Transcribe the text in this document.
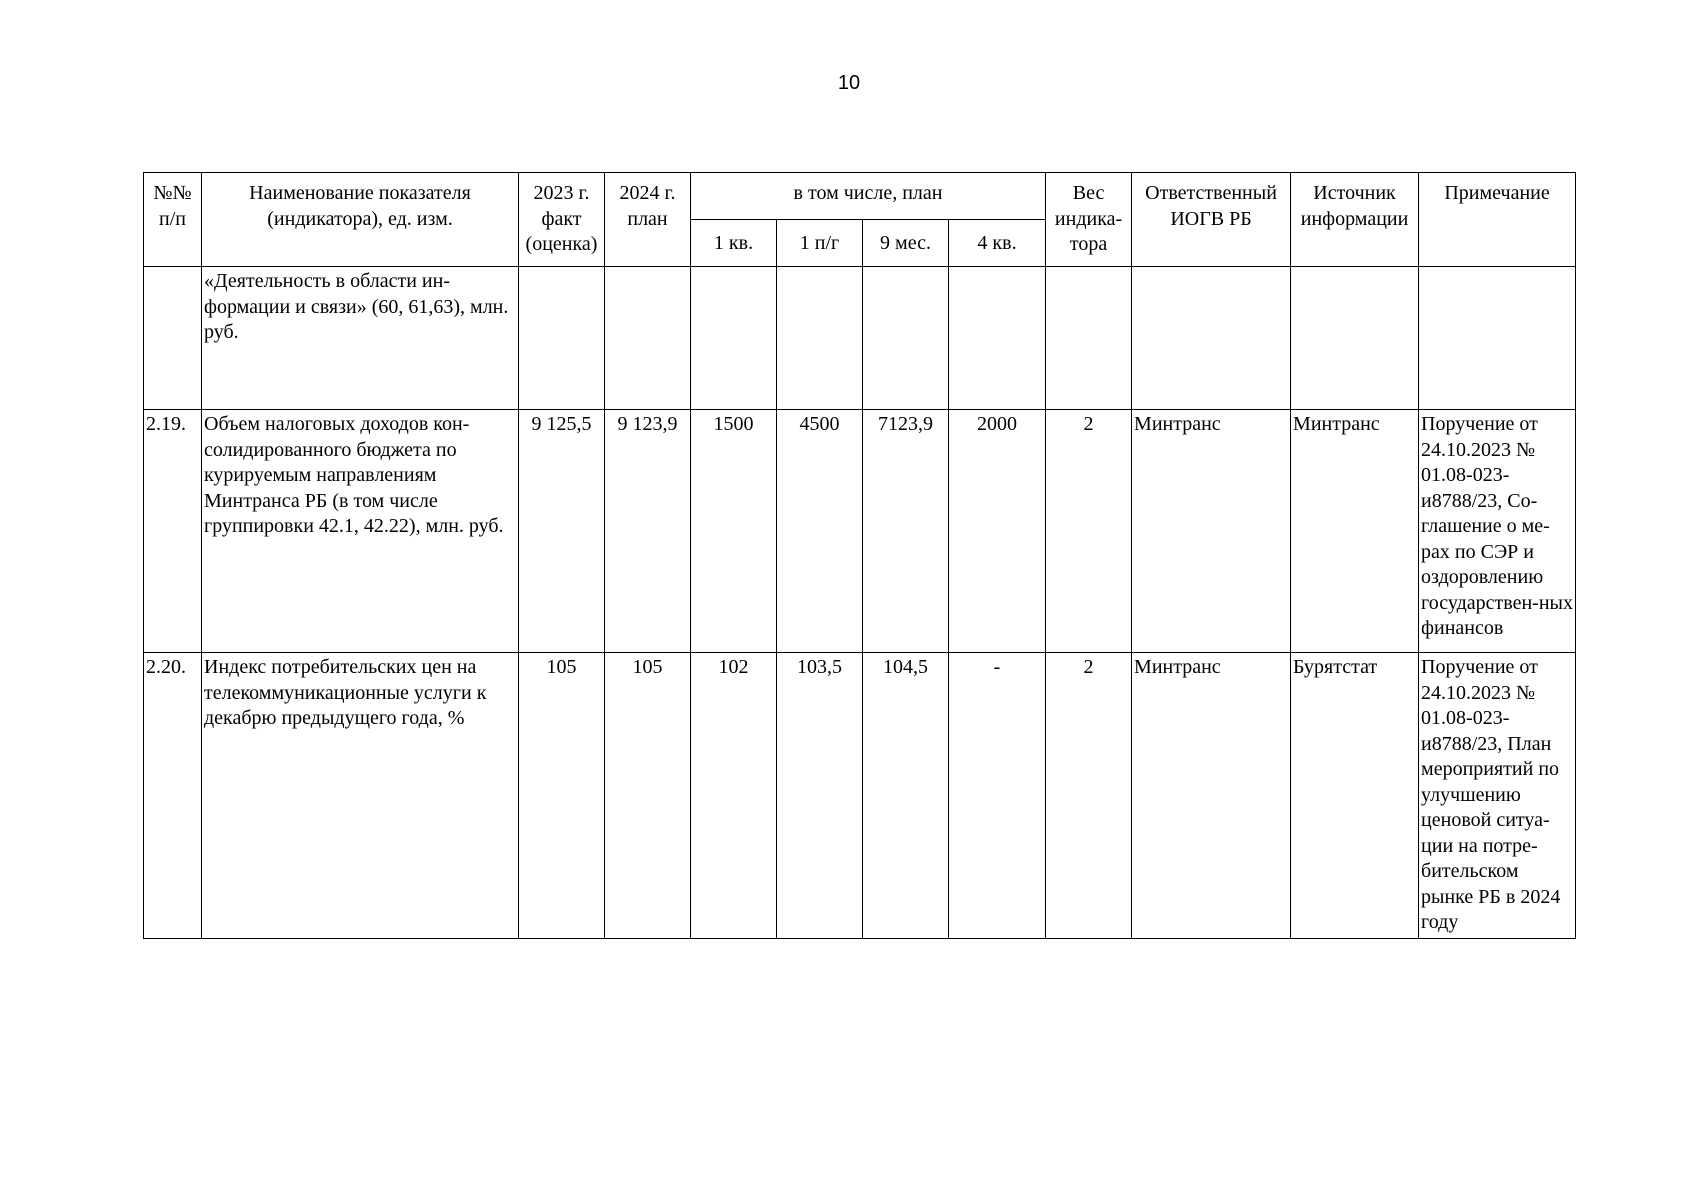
10
№№ п/п	Наименование показателя (индикатора), ед. изм.	2023 г. факт (оценка)	2024 г. план	в том числе, план				Вес индика-тора	Ответственный ИОГВ РБ	Источник информации	Примечание
				1 кв.	1 п/г	9 мес.	4 кв.				
	«Деятельность в области ин-формации и связи» (60, 61,63), млн. руб.										
2.19.	Объем налоговых доходов кон-солидированного бюджета по курируемым направлениям Минтранса РБ (в том числе группировки 42.1, 42.22), млн. руб.	9 125,5	9 123,9	1500	4500	7123,9	2000	2	Минтранс	Минтранс	Поручение от 24.10.2023 № 01.08-023-и8788/23, Со-глашение о ме-рах по СЭР и оздоровлению государствен-ных финансов
2.20.	Индекс потребительских цен на телекоммуникационные услуги к декабрю предыдущего года, %	105	105	102	103,5	104,5	-	2	Минтранс	Бурятстат	Поручение от 24.10.2023 № 01.08-023-и8788/23, План мероприятий по улучшению ценовой ситуа-ции на потре-бительском рынке РБ в 2024 году
